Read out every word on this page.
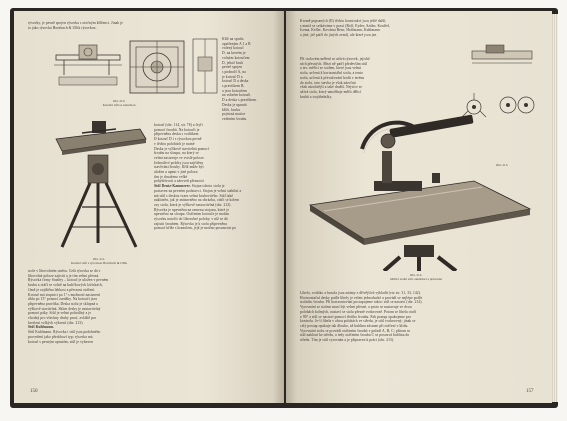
rýsovky, je pevně spojen rýsovka s otočným kříženci. Jinak je
to jako rýsovka Hornbach & Ullik rýsovkou.
Obr. 210.
Kreslicí stůl se zásuvkou
Kříž na spodu
opatřeným A 1 a B
volený kotouč
D, na kterém je
volným kotoučem
D, jehož kruh
pevně spojen
s podnoží A, na
je kotouč D a
kotouč D a deska
s pravítkem B,
a jsou kotoučem
na volném kotouči
D a deska s pravítkem.
Deska je upnutá
kříži, kruhu
pojistná matice
vedením šroubu
Obr. 211.
Kreslicí stůl s rýsovkou Hornbach & Ullik
kotouč (obr. 114, str. 76) a čtyři
pomocí šroubů. Na kotouči je
připevněna deska s vodítkem
D kotouč D i s rýsovkou pevně
v těchto polohách je nutné
Deska je výškově stavitelná pomocí
šroubu na sloupu, na který se
velmi nastavuje ve svislé poloze.
Jednotlivé polohy jsou zajištěny
stavěcími šrouby. Kříž může být
uložen a upnut v jiné poloze,
tím je dosaženo velké
pohyblivosti a zároveň přesnosti
Stůl Dentz-Kammerer. Stojan tohoto stolu je
postaven na pevném podstavci. Stojan je velmi stabilní a
má stůl s deskou tvaru velmi kruhovitého. Stůl také
nakloněn, jak je znázorněno na obrázku, otáčí se kolem
osy stolu, která je výškově nastavitelná (obr. 212).
Rýsovka je upevněna na ramenu stojanu, které je
upevněno na sloupu. Otáčením kotouče je možno
rýsovku natočit do libovolné polohy, v níž se dá
zajistit šroubem. Rýsovka je k stolu připevněna
pomocí kříže s hranolem, jejž je možno posunovat po
stole v libovolném směru. Celá rýsovka se dá v
libovolné poloze zajistit a je tím velmi přesná.
Rýsovka firmy Stanley – kotouč je uložen v pevném
kruhu a otáčí se volně na kuličkových ložiskách,
čímž je zajištěna lehkost a přesnost otáčení.
Kotouč má stupnici po 1° s možností nastavení
úhlu po 15° pomocí zarážky. Na kotouči jsou
připevněna pravítka. Deska stolu je sklopná a
výškově stavitelná. Sklon desky je nastavitelný
pomocí páky. Stůl je velmi pohodlný a je
vhodný pro všechny druhy prací, zvláště pro
kreslení velkých výkresů (obr. 213).
Stůl Kuhlmann.
Stůl Kuhlmann. Rýsovka i stůl jsou podobného
provedení jako předchozí typ; rýsovka má
kotouč s pevným upnutím, stůl je vybaven
150
Kromě popsaných (II) těchto konstrukcí jsou ještě další,
s nimiž se setkáváme v praxi (Rolf, Eyder, Szábo, Keuffel,
Isoma, Keller, Kovárna Brno, Hoffmann, Kuhlmann
a jiné, jež patří do jiných zemí), ale které jsou jen
Při stolovém měření se užívá rýsovek, jejichž
ních přesných. Mezi ně patří především stůl
a tzv. měřicí se stolem, které jsou velmi
stolu, určená k horizontální stolu, a tento
stolu, určená k převažování bodů v terénu
do stolu, tato stavba je však náročná
však náročnější a také dražší. Nejvíce se
užívá stolu, který umožňuje měřit dělicí
kruhů a trojúhelníky.
Obr. 213.
Obr. 214.
Měřicí stolní stůl, zakládací a přenosné
Libela, vodítko a busola jsou známy z dřívějších výkladů (viz str. 31, 33, 142).
Horizontační desky podle libely je velmi jednoduché a provádí se nejlépe podle
stolního šroubu. Při horizontování postupujeme takto: stůl se nastaví (obr. 214).
Vyrovnání se stolem musí být velmi přesné, a proto se nastavuje ve dvou
polohách kolmých, nastaví se stolu přesně vodorovně. Potom se libela otočí
o 90° a stůl se nastaví pomocí třetího šroubu. Pak postup opakujeme pro
kontrolu. Je-li libela v obou polohách ve středu, je stůl vodorovný; jinak se
celý postup opakuje tak dlouho, až bublina zůstane při otáčení v klidu.
Vyrovnání stolu se provádí otáčením šroubů v pořadí A, B, C; přitom se
stůl nakloní ke středu, a tedy otáčením šroubu C se posouvá bublina do
středu. Tím je stůl vyrovnán a je připraven k práci (obr. 215).
157
